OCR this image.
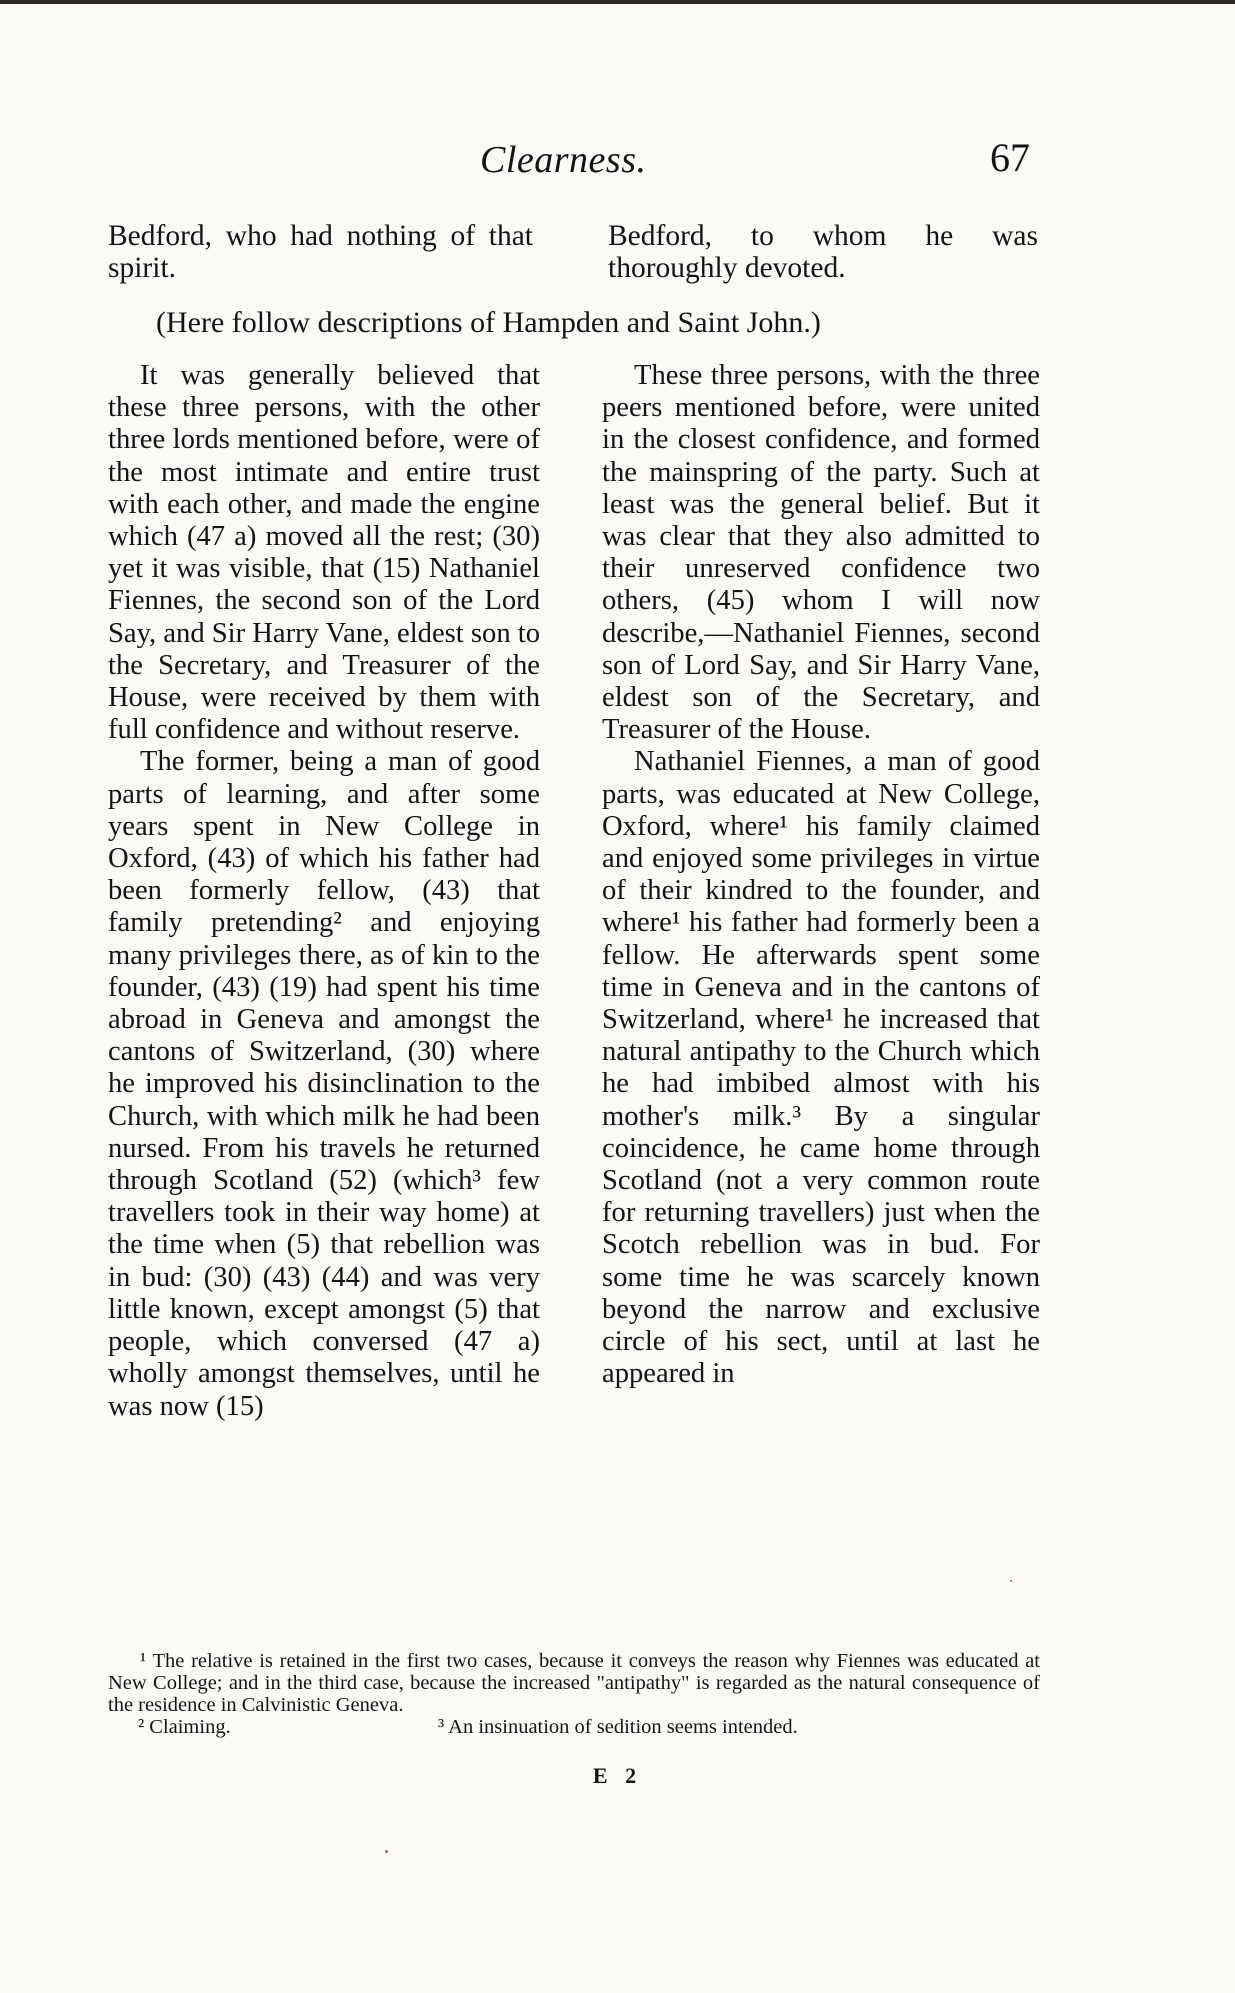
Clearness.	67

Bedford, who had nothing of that spirit.

Bedford, to whom he was thoroughly devoted.

(Here follow descriptions of Hampden and Saint John.)

It was generally believed that these three persons, with the other three lords mentioned before, were of the most intimate and entire trust with each other, and made the engine which (47 a) moved all the rest; (30) yet it was visible, that (15) Nathaniel Fiennes, the second son of the Lord Say, and Sir Harry Vane, eldest son to the Secretary, and Treasurer of the House, were received by them with full confidence and without reserve.

The former, being a man of good parts of learning, and after some years spent in New College in Oxford, (43) of which his father had been formerly fellow, (43) that family pretending² and enjoying many privileges there, as of kin to the founder, (43) (19) had spent his time abroad in Geneva and amongst the cantons of Switzerland, (30) where he improved his disinclination to the Church, with which milk he had been nursed. From his travels he returned through Scotland (52) (which³ few travellers took in their way home) at the time when (5) that rebellion was in bud: (30) (43) (44) and was very little known, except amongst (5) that people, which conversed (47 a) wholly amongst themselves, until he was now (15)

These three persons, with the three peers mentioned before, were united in the closest confidence, and formed the mainspring of the party. Such at least was the general belief. But it was clear that they also admitted to their unreserved confidence two others, (45) whom I will now describe,—Nathaniel Fiennes, second son of Lord Say, and Sir Harry Vane, eldest son of the Secretary, and Treasurer of the House.

Nathaniel Fiennes, a man of good parts, was educated at New College, Oxford, where¹ his family claimed and enjoyed some privileges in virtue of their kindred to the founder, and where¹ his father had formerly been a fellow. He afterwards spent some time in Geneva and in the cantons of Switzerland, where¹ he increased that natural antipathy to the Church which he had imbibed almost with his mother's milk.³ By a singular coincidence, he came home through Scotland (not a very common route for returning travellers) just when the Scotch rebellion was in bud. For some time he was scarcely known beyond the narrow and exclusive circle of his sect, until at last he appeared in

¹ The relative is retained in the first two cases, because it conveys the reason why Fiennes was educated at New College; and in the third case, because the increased "antipathy" is regarded as the natural consequence of the residence in Calvinistic Geneva.

² Claiming.	³ An insinuation of sedition seems intended.
E 2
